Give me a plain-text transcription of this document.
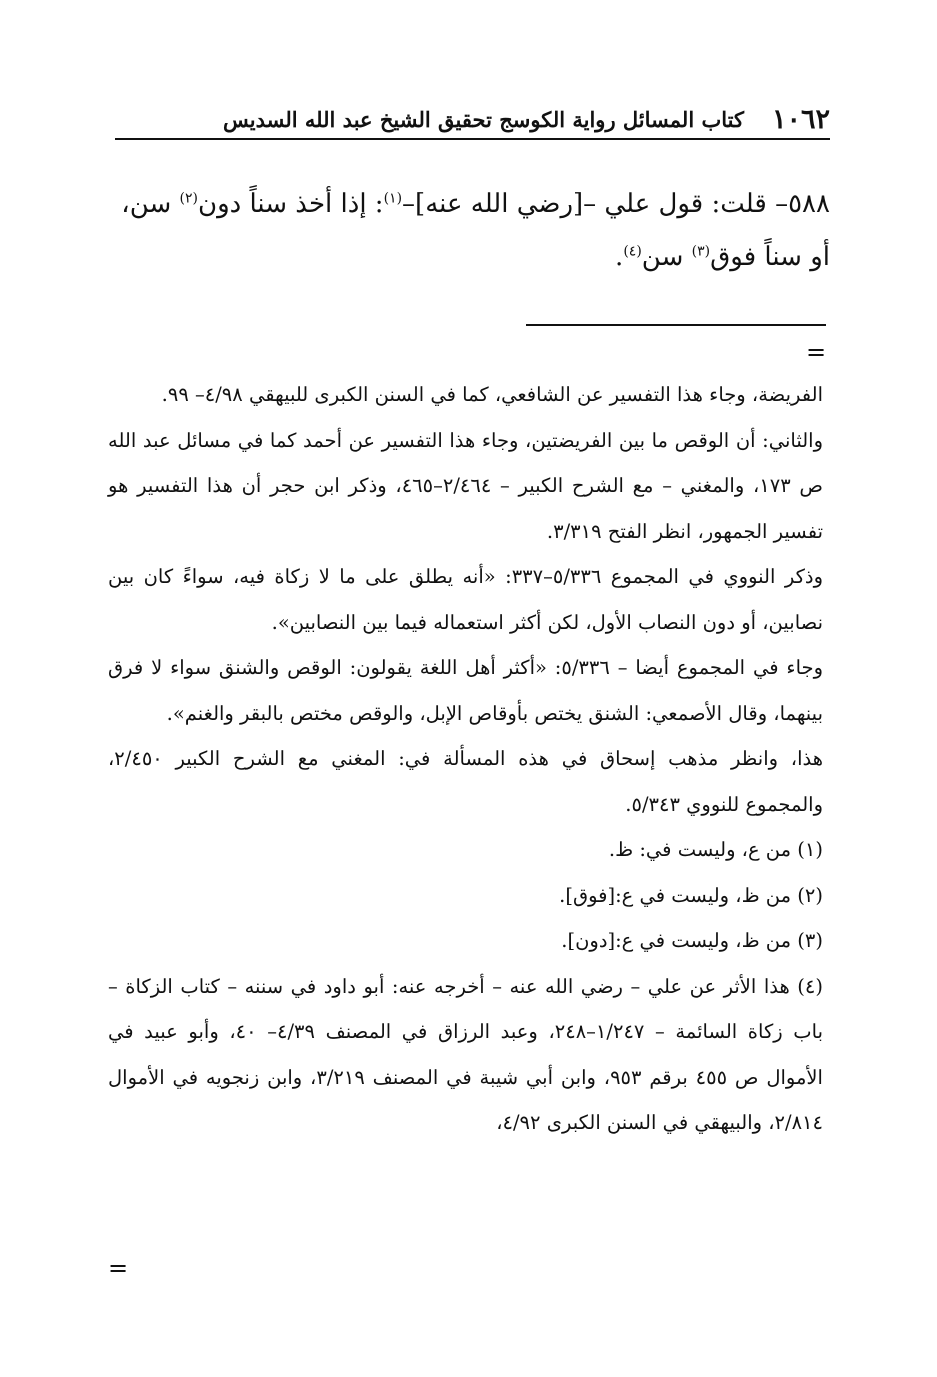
١٠٦٢
كتاب المسائل رواية الكوسج تحقيق الشيخ عبد الله السديس
٥٨٨– قلت: قول علي –[رضي الله عنه]–$^{(١)}$: إذا أخذ سناً دون$^{(٢)}$ سن، أو سناً فوق$^{(٣)}$ سن$^{(٤)}$.
=

الفريضة، وجاء هذا التفسير عن الشافعي، كما في السنن الكبرى للبيهقي ٤/٩٨– ٩٩.

والثاني: أن الوقص ما بين الفريضتين، وجاء هذا التفسير عن أحمد كما في مسائل عبد الله ص ١٧٣، والمغني – مع الشرح الكبير – ٢/٤٦٤–٤٦٥، وذكر ابن حجر أن هذا التفسير هو تفسير الجمهور، انظر الفتح ٣/٣١٩.

وذكر النووي في المجموع ٥/٣٣٦–٣٣٧: «أنه يطلق على ما لا زكاة فيه، سواءً كان بين نصابين، أو دون النصاب الأول، لكن أكثر استعماله فيما بين النصابين».

وجاء في المجموع أيضا – ٥/٣٣٦: «أكثر أهل اللغة يقولون: الوقص والشنق سواء لا فرق بينهما، وقال الأصمعي: الشنق يختص بأوقاص الإبل، والوقص مختص بالبقر والغنم».

هذا، وانظر مذهب إسحاق في هذه المسألة في: المغني مع الشرح الكبير ٢/٤٥٠، والمجموع للنووي ٥/٣٤٣.

(١) من ع، وليست في: ظ.

(٢) من ظ، وليست في ع:[فوق].

(٣) من ظ، وليست في ع:[دون].

(٤) هذا الأثر عن علي – رضي الله عنه – أخرجه عنه: أبو داود في سننه – كتاب الزكاة – باب زكاة السائمة – ١/٢٤٧–٢٤٨، وعبد الرزاق في المصنف ٤/٣٩– ٤٠، وأبو عبيد في الأموال ص ٤٥٥ برقم ٩٥٣، وابن أبي شيبة في المصنف ٣/٢١٩، وابن زنجويه في الأموال ٢/٨١٤، والبيهقي في السنن الكبرى ٤/٩٢،

=
